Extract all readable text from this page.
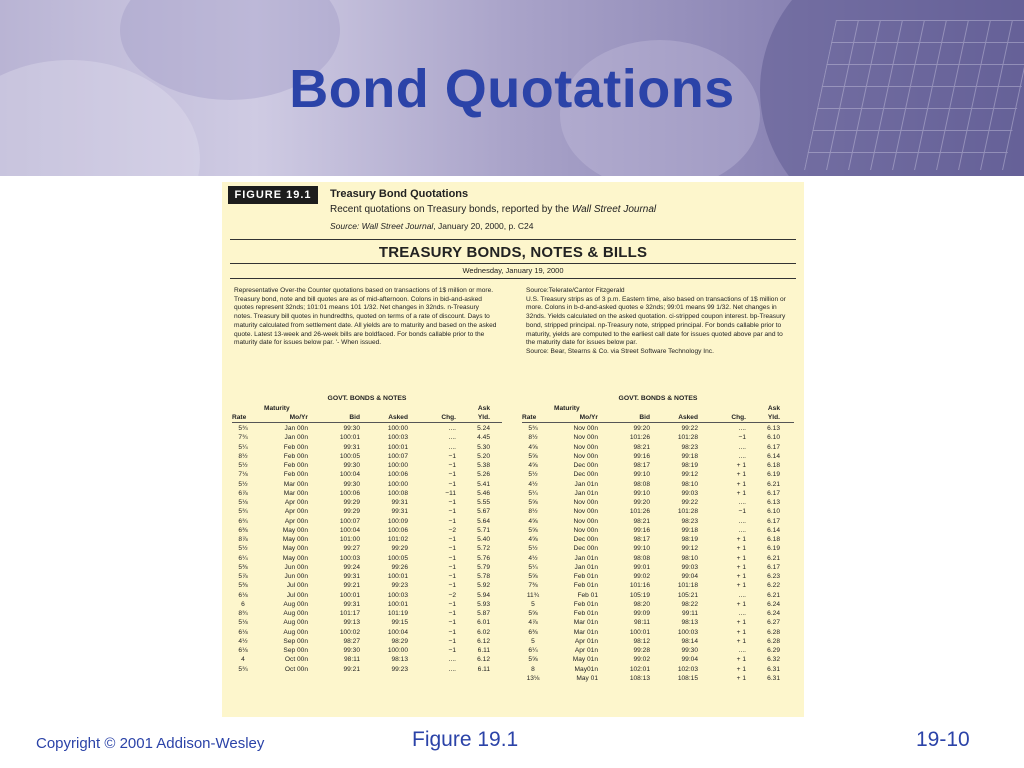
Bond Quotations
FIGURE 19.1	Treasury Bond Quotations
Recent quotations on Treasury bonds, reported by the Wall Street Journal
Source: Wall Street Journal, January 20, 2000, p. C24
TREASURY BONDS, NOTES & BILLS
Wednesday, January 19, 2000
Representative Over-the Counter quotations based on transactions of 1$ million or more.
Treasury bond, note and bill quotes are as of mid-afternoon. Colons in bid-and-asked quotes represent 32nds; 101:01 means 101 1/32. Net changes in 32nds. n-Treasury notes. Treasury bill quotes in hundredths, quoted on terms of a rate of discount. Days to maturity calculated from settlement date. All yields are to maturity and based on the asked quote. Latest 13-week and 26-week bills are boldfaced. For bonds callable prior to the maturity date for issues below par. '- When issued.
Source:Telerate/Cantor Fitzgerald
U.S. Treasury strips as of 3 p.m. Eastern time, also based on transactions of 1$ million or more. Colons in b-d-and-asked quotes e 32nds; 99:01 means 99 1/32. Net changes in 32nds. Yields calculated on the asked quotation. ci-stripped coupon interest. bp-Treasury bond, stripped principal. np-Treasury note, stripped principal. For bonds callable prior to maturity, yields are computed to the earliest call date for issues quoted above par and to the maturity date for issues below par.
Source: Bear, Stearns & Co. via Street Software Technology Inc.
GOVT. BONDS & NOTES
Maturity	Ask
Rate	Mo/Yr	Bid	Asked	Chg.	Yld.
5¾	Jan 00n	99:30	100:00	....	5.24
7¾	Jan 00n	100:01	100:03	....	4.45
5¼	Feb 00n	99:31	100:01	....	5.30
8½	Feb 00n	100:05	100:07	−1	5.20
5½	Feb 00n	99:30	100:00	−1	5.38
7⅛	Feb 00n	100:04	100:06	−1	5.26
5½	Mar 00n	99:30	100:00	−1	5.41
6⅞	Mar 00n	100:06	100:08	−11	5.46
5⅛	Apr 00n	99:29	99:31	−1	5.55
5¾	Apr 00n	99:29	99:31	−1	5.67
6¾	Apr 00n	100:07	100:09	−1	5.64
6⅜	May 00n	100:04	100:06	−2	5.71
8⅞	May 00n	101:00	101:02	−1	5.40
5½	May 00n	99:27	99:29	−1	5.72
6¼	May 00n	100:03	100:05	−1	5.76
5⅜	Jun 00n	99:24	99:26	−1	5.79
5⅞	Jun 00n	99:31	100:01	−1	5.78
5⅜	Jul 00n	99:21	99:23	−1	5.92
6⅛	Jul 00n	100:01	100:03	−2	5.94
6	Aug 00n	99:31	100:01	−1	5.93
8¾	Aug 00n	101:17	101:19	−1	5.87
5⅛	Aug 00n	99:13	99:15	−1	6.01
6⅛	Aug 00n	100:02	100:04	−1	6.02
4½	Sep 00n	98:27	98:29	−1	6.12
6⅛	Sep 00n	99:30	100:00	−1	6.11
4	Oct 00n	98:11	98:13	....	6.12
5¾	Oct 00n	99:21	99:23	....	6.11
GOVT. BONDS & NOTES
Maturity	Ask
Rate	Mo/Yr	Bid	Asked	Chg.	Yld.
5¾	Nov 00n	99:20	99:22	....	6.13
8½	Nov 00n	101:26	101:28	−1	6.10
4⅝	Nov 00n	98:21	98:23	....	6.17
5⅝	Nov 00n	99:16	99:18	....	6.14
4⅝	Dec 00n	98:17	98:19	+ 1	6.18
5½	Dec 00n	99:10	99:12	+ 1	6.19
4½	Jan 01n	98:08	98:10	+ 1	6.21
5¼	Jan 01n	99:10	99:03	+ 1	6.17
5⅝	Nov 00n	99:20	99:22	....	6.13
8½	Nov 00n	101:26	101:28	−1	6.10
4⅝	Nov 00n	98:21	98:23	....	6.17
5⅝	Nov 00n	99:16	99:18	....	6.14
4⅝	Dec 00n	98:17	98:19	+ 1	6.18
5½	Dec 00n	99:10	99:12	+ 1	6.19
4½	Jan 01n	98:08	98:10	+ 1	6.21
5¼	Jan 01n	99:01	99:03	+ 1	6.17
5⅝	Feb 01n	99:02	99:04	+ 1	6.23
7⅜	Feb 01n	101:16	101:18	+ 1	6.22
11¾	Feb 01	105:19	105:21	....	6.21
5	Feb 01n	98:20	98:22	+ 1	6.24
5⅝	Feb 01n	99:09	99:11	....	6.24
4⅞	Mar 01n	98:11	98:13	+ 1	6.27
6⅜	Mar 01n	100:01	100:03	+ 1	6.28
5	Apr 01n	98:12	98:14	+ 1	6.28
6¼	Apr 01n	99:28	99:30	....	6.29
5⅝	May 01n	99:02	99:04	+ 1	6.32
8	May01n	102:01	102:03	+ 1	6.31
13⅛	May 01	108:13	108:15	+ 1	6.31
Copyright © 2001 Addison-Wesley	Figure 19.1	19-10
